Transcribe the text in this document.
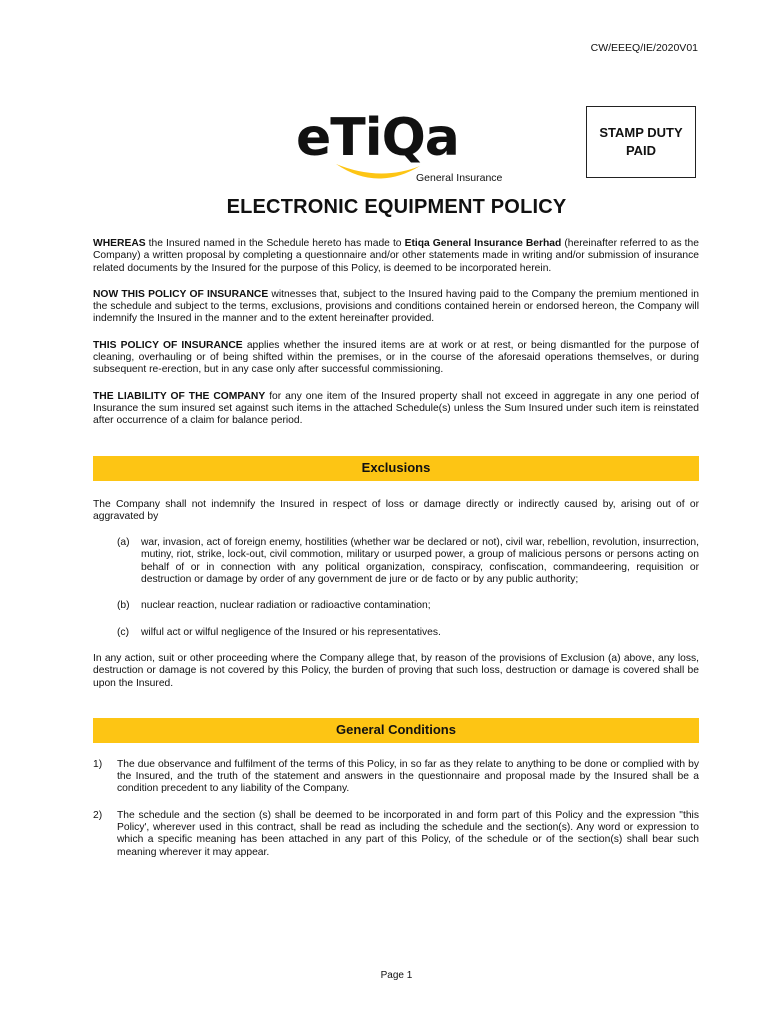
CW/EEEQ/IE/2020V01
eTiQa
General Insurance
STAMP DUTY
PAID
ELECTRONIC EQUIPMENT POLICY

WHEREAS the Insured named in the Schedule hereto has made to Etiqa General Insurance Berhad (hereinafter referred to as the Company) a written proposal by completing a questionnaire and/or other statements made in writing and/or submission of insurance related documents by the Insured for the purpose of this Policy, is deemed to be incorporated herein.

NOW THIS POLICY OF INSURANCE witnesses that, subject to the Insured having paid to the Company the premium mentioned in the schedule and subject to the terms, exclusions, provisions and conditions contained herein or endorsed hereon, the Company will indemnify the Insured in the manner and to the extent hereinafter provided.

THIS POLICY OF INSURANCE applies whether the insured items are at work or at rest, or being dismantled for the purpose of cleaning, overhauling or of being shifted within the premises, or in the course of the aforesaid operations themselves, or during subsequent re-erection, but in any case only after successful commissioning.

THE LIABILITY OF THE COMPANY for any one item of the Insured property shall not exceed in aggregate in any one period of Insurance the sum insured set against such items in the attached Schedule(s) unless the Sum Insured under such item is reinstated after occurrence of a claim for balance period.

Exclusions

The Company shall not indemnify the Insured in respect of loss or damage directly or indirectly caused by, arising out of or aggravated by

(a)	war, invasion, act of foreign enemy, hostilities (whether war be declared or not), civil war, rebellion, revolution, insurrection, mutiny, riot, strike, lock-out, civil commotion, military or usurped power, a group of malicious persons or persons acting on behalf of or in connection with any political organization, conspiracy, confiscation, commandeering, requisition or destruction or damage by order of any government de jure or de facto or by any public authority;
(b)	nuclear reaction, nuclear radiation or radioactive contamination;
(c)	wilful act or wilful negligence of the Insured or his representatives.

In any action, suit or other proceeding where the Company allege that, by reason of the provisions of Exclusion (a) above, any loss, destruction or damage is not covered by this Policy, the burden of proving that such loss, destruction or damage is covered shall be upon the Insured.

General Conditions
1)	The due observance and fulfilment of the terms of this Policy, in so far as they relate to anything to be done or complied with by the Insured, and the truth of the statement and answers in the questionnaire and proposal made by the Insured shall be a condition precedent to any liability of the Company.
2)	The schedule and the section (s) shall be deemed to be incorporated in and form part of this Policy and the expression "this Policy', wherever used in this contract, shall be read as including the schedule and the section(s). Any word or expression to which a specific meaning has been attached in any part of this Policy, of the schedule or of the section(s) shall bear such meaning wherever it may appear.
Page 1
